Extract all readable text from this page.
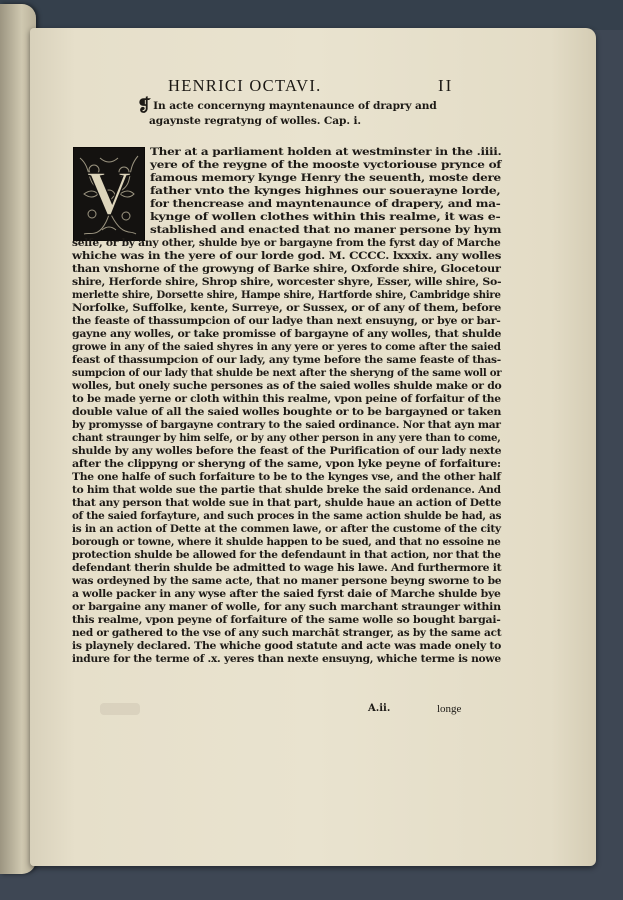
HENRICI OCTAVI.	II
❡ In acte concernyng mayntenaunce of drapry and
agaynste regratyng of wolles. Cap. i.
V
Ther at a parliament holden at westminster in the .iiii.
yere of the reygne of the mooste vyctoriouse prynce of
famous memory kynge Henry the seuenth, moste dere
father vnto the kynges highnes our souerayne lorde,
for thencrease and mayntenaunce of drapery, and ma-
kynge of wollen clothes within this realme, it was e-
stablished and enacted that no maner persone by hym
selfe, or by any other, shulde bye or bargayne from the fyrst day of Marche
whiche was in the yere of our lorde god. M. CCCC. lxxxix. any wolles
than vnshorne of the growyng of Barke shire, Oxforde shire, Glocetour
shire, Herforde shire, Shrop shire, worcester shyre, Esser, wille shire, So-
merlette shire, Dorsette shire, Hampe shire, Hartforde shire, Cambridge shire
Norfolke, Suffolke, kente, Surreye, or Sussex, or of any of them, before
the feaste of thassumpcion of our ladye than next ensuyng, or bye or bar-
gayne any wolles, or take promisse of bargayne of any wolles, that shulde
growe in any of the saied shyres in any yere or yeres to come after the saied
feast of thassumpcion of our lady, any tyme before the same feaste of thas-
sumpcion of our lady that shulde be next after the sheryng of the same woll or
wolles, but onely suche persones as of the saied wolles shulde make or do
to be made yerne or cloth within this realme, vpon peine of forfaitur of the
double value of all the saied wolles boughte or to be bargayned or taken
by promysse of bargayne contrary to the saied ordinance. Nor that ayn mar
chant straunger by him selfe, or by any other person in any yere than to come,
shulde by any wolles before the feast of the Purification of our lady nexte
after the clippyng or sheryng of the same, vpon lyke peyne of forfaiture:
The one halfe of such forfaiture to be to the kynges vse, and the other half
to him that wolde sue the partie that shulde breke the said ordenance. And
that any person that wolde sue in that part, shulde haue an action of Dette
of the saied forfayture, and such proces in the same action shulde be had, as
is in an action of Dette at the commen lawe, or after the custome of the city
borough or towne, where it shulde happen to be sued, and that no essoine ne
protection shulde be allowed for the defendaunt in that action, nor that the
defendant therin shulde be admitted to wage his lawe. And furthermore it
was ordeyned by the same acte, that no maner persone beyng sworne to be
a wolle packer in any wyse after the saied fyrst daie of Marche shulde bye
or bargaine any maner of wolle, for any such marchant straunger within
this realme, vpon peyne of forfaiture of the same wolle so bought bargai-
ned or gathered to the vse of any such marchāt stranger, as by the same act
is playnely declared. The whiche good statute and acte was made onely to
indure for the terme of .x. yeres than nexte ensuyng, whiche terme is nowe
A.ii.	longe
